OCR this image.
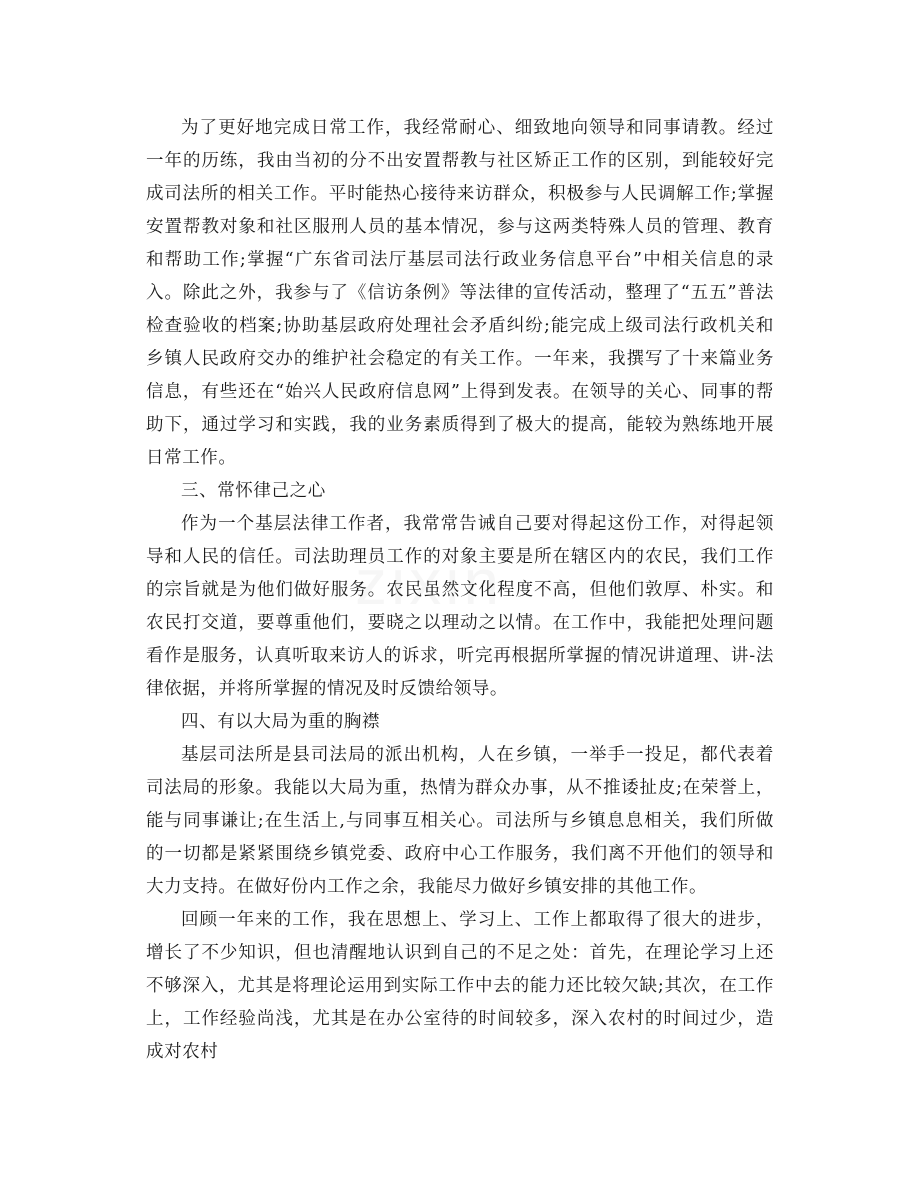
为了更好地完成日常工作，我经常耐心、细致地向领导和同事请教。经过一年的历练，我由当初的分不出安置帮教与社区矫正工作的区别，到能较好完成司法所的相关工作。平时能热心接待来访群众，积极参与人民调解工作;掌握安置帮教对象和社区服刑人员的基本情况，参与这两类特殊人员的管理、教育和帮助工作;掌握“广东省司法厅基层司法行政业务信息平台”中相关信息的录入。除此之外，我参与了《信访条例》等法律的宣传活动，整理了“五五”普法检查验收的档案;协助基层政府处理社会矛盾纠纷;能完成上级司法行政机关和乡镇人民政府交办的维护社会稳定的有关工作。一年来，我撰写了十来篇业务信息，有些还在“始兴人民政府信息网”上得到发表。在领导的关心、同事的帮助下，通过学习和实践，我的业务素质得到了极大的提高，能较为熟练地开展日常工作。

三、常怀律己之心

作为一个基层法律工作者，我常常告诫自己要对得起这份工作，对得起领导和人民的信任。司法助理员工作的对象主要是所在辖区内的农民，我们工作的宗旨就是为他们做好服务。农民虽然文化程度不高，但他们敦厚、朴实。和农民打交道，要尊重他们，要晓之以理动之以情。在工作中，我能把处理问题看作是服务，认真听取来访人的诉求，听完再根据所掌握的情况讲道理、讲-法律依据，并将所掌握的情况及时反馈给领导。

四、有以大局为重的胸襟

基层司法所是县司法局的派出机构，人在乡镇，一举手一投足，都代表着司法局的形象。我能以大局为重，热情为群众办事，从不推诿扯皮;在荣誉上，能与同事谦让;在生活上,与同事互相关心。司法所与乡镇息息相关，我们所做的一切都是紧紧围绕乡镇党委、政府中心工作服务，我们离不开他们的领导和大力支持。在做好份内工作之余，我能尽力做好乡镇安排的其他工作。

回顾一年来的工作，我在思想上、学习上、工作上都取得了很大的进步，增长了不少知识，但也清醒地认识到自己的不足之处：首先，在理论学习上还不够深入，尤其是将理论运用到实际工作中去的能力还比较欠缺;其次，在工作上，工作经验尚浅，尤其是在办公室待的时间较多，深入农村的时间过少，造成对农村
